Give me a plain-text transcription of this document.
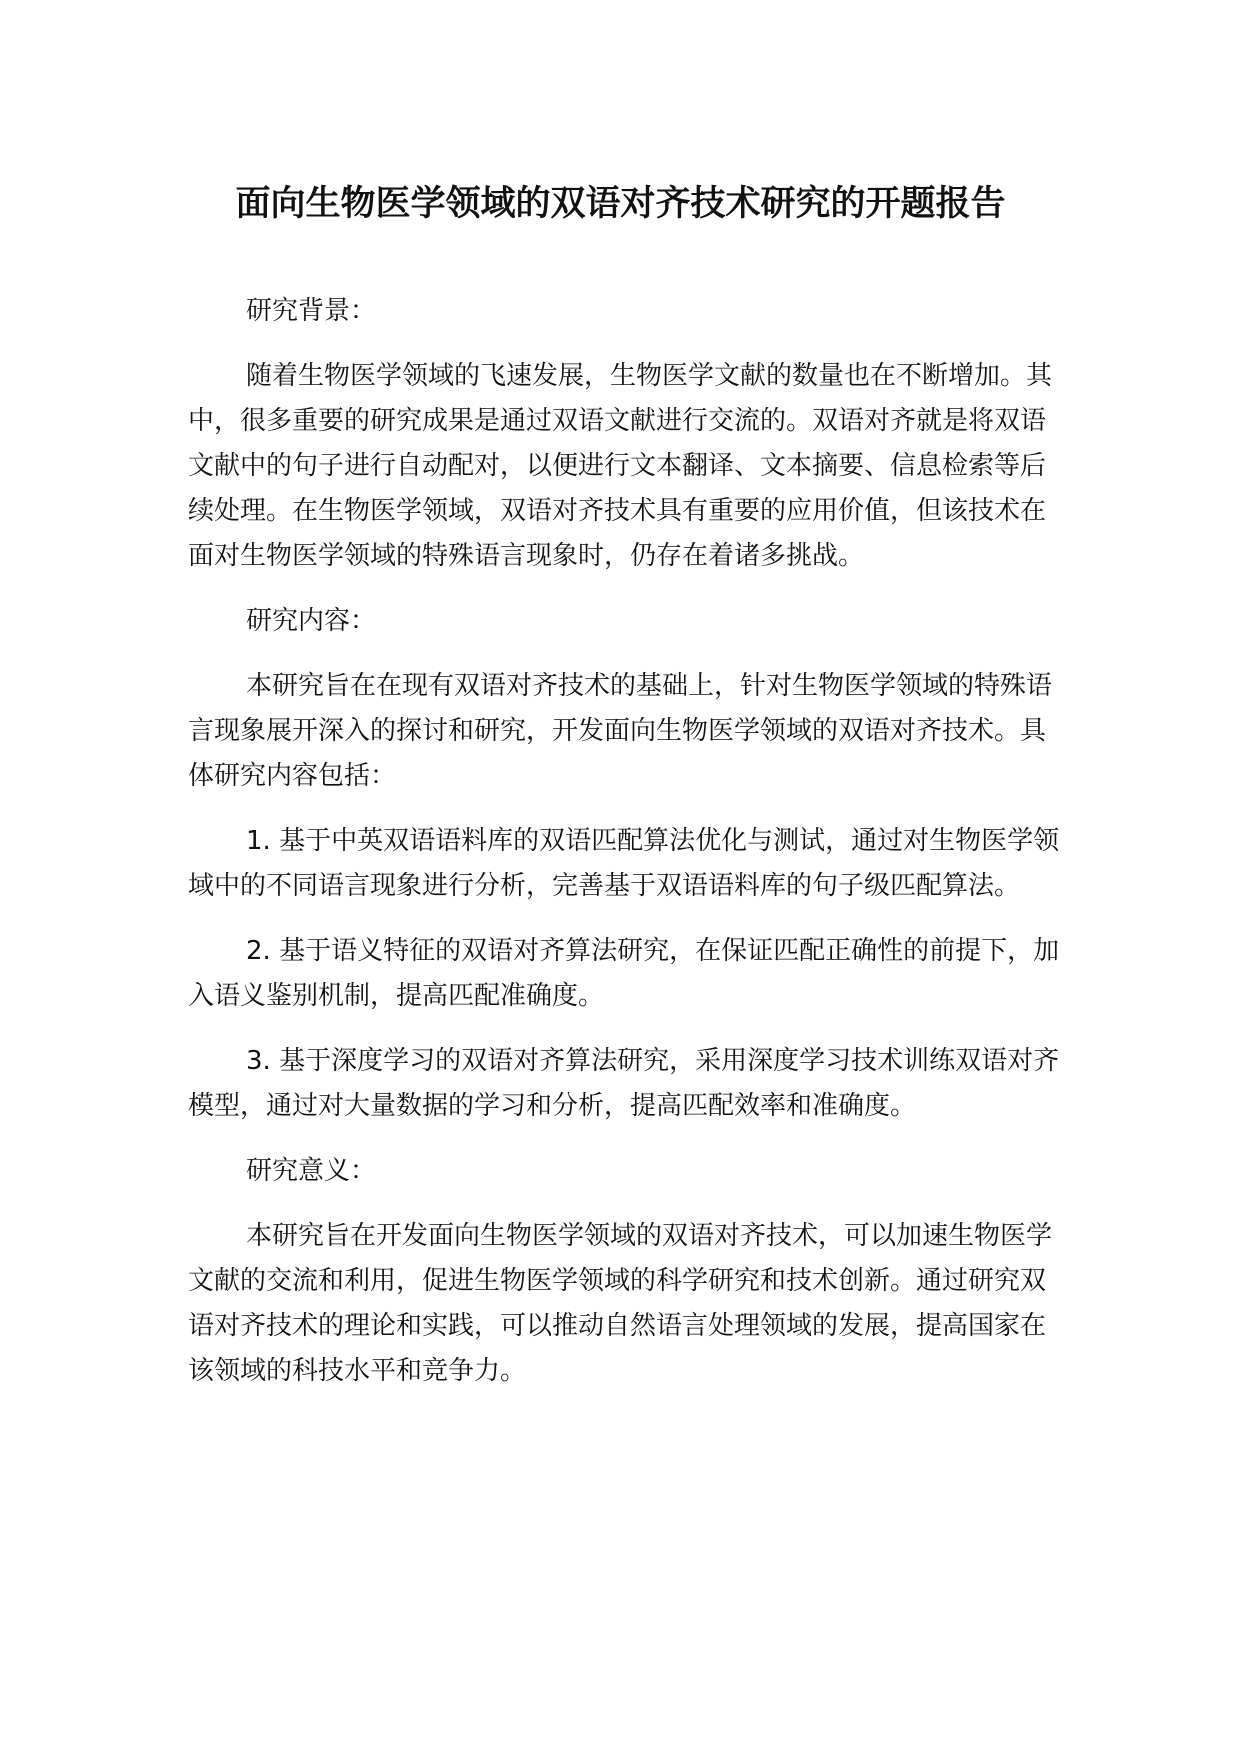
面向生物医学领域的双语对齐技术研究的开题报告

研究背景：

随着生物医学领域的飞速发展，生物医学文献的数量也在不断增加。其中，很多重要的研究成果是通过双语文献进行交流的。双语对齐就是将双语文献中的句子进行自动配对，以便进行文本翻译、文本摘要、信息检索等后续处理。在生物医学领域，双语对齐技术具有重要的应用价值，但该技术在面对生物医学领域的特殊语言现象时，仍存在着诸多挑战。

研究内容：

本研究旨在在现有双语对齐技术的基础上，针对生物医学领域的特殊语言现象展开深入的探讨和研究，开发面向生物医学领域的双语对齐技术。具体研究内容包括：

1. 基于中英双语语料库的双语匹配算法优化与测试，通过对生物医学领域中的不同语言现象进行分析，完善基于双语语料库的句子级匹配算法。

2. 基于语义特征的双语对齐算法研究，在保证匹配正确性的前提下，加入语义鉴别机制，提高匹配准确度。

3. 基于深度学习的双语对齐算法研究，采用深度学习技术训练双语对齐模型，通过对大量数据的学习和分析，提高匹配效率和准确度。

研究意义：

本研究旨在开发面向生物医学领域的双语对齐技术，可以加速生物医学文献的交流和利用，促进生物医学领域的科学研究和技术创新。通过研究双语对齐技术的理论和实践，可以推动自然语言处理领域的发展，提高国家在该领域的科技水平和竞争力。
